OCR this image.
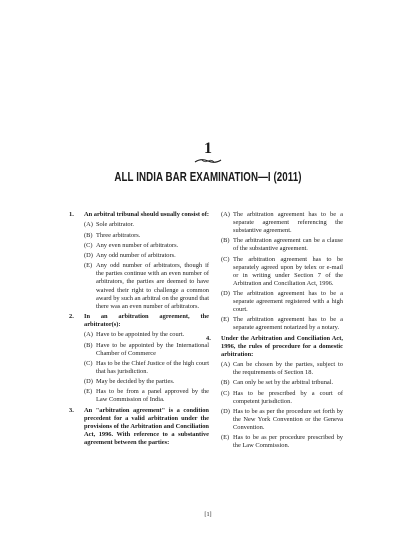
1
ALL INDIA BAR EXAMINATION—I (2011)
1.	An arbitral tribunal should usually consist of:
(A) Sole arbitrator.
(B) Three arbitrators.
(C) Any even number of arbitrators.
(D) Any odd number of arbitrators.
(E) Any odd number of arbitrators, though if the parties continue with an even number of arbitrators, the parties are deemed to have waived their right to challenge a common award by such an arbitral on the ground that there was an even number of arbitrators.
2.	In an arbitration agreement, the arbitrator(s):
(A) Have to be appointed by the court.
(B) Have to be appointed by the International Chamber of Commerce
(C) Has to be the Chief Justice of the high court that has jurisdiction.
(D) May be decided by the parties.
(E) Has to be from a panel approved by the Law Commission of India.
3.	An "arbitration agreement" is a condition precedent for a valid arbitration under the provisions of the Arbitration and Conciliation Act, 1996. With reference to a substantive agreement between the parties:
(A) The arbitration agreement has to be a separate agreement referencing the substantive agreement.
(B) The arbitration agreement can be a clause of the substantive agreement.
(C) The arbitration agreement has to be separately agreed upon by telex or e-mail or in writing under Section 7 of the Arbitration and Conciliation Act, 1996.
(D) The arbitration agreement has to be a separate agreement registered with a high court.
(E) The arbitration agreement has to be a separate agreement notarized by a notary.
4.	Under the Arbitration and Conciliation Act, 1996, the rules of procedure for a domestic arbitration:
(A) Can be chosen by the parties, subject to the requirements of Section 18.
(B) Can only be set by the arbitral tribunal.
(C) Has to be prescribed by a court of competent jurisdiction.
(D) Has to be as per the procedure set forth by the New York Convention or the Geneva Convention.
(E) Has to be as per procedure prescribed by the Law Commission.
[1]
